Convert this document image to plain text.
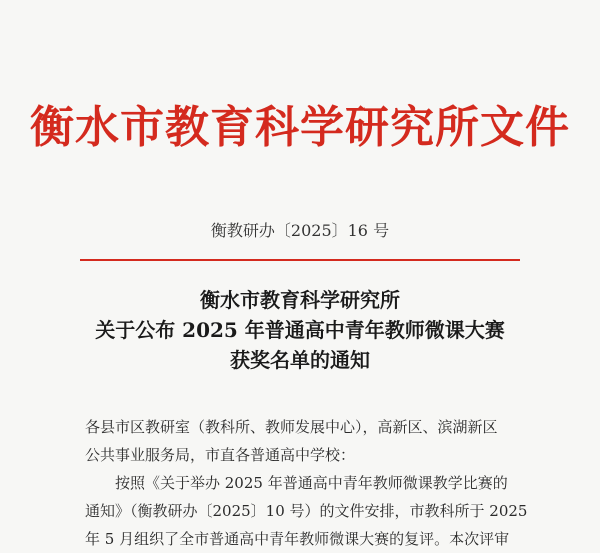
衡水市教育科学研究所文件
衡教研办〔2025〕16 号
衡水市教育科学研究所
关于公布 2025 年普通高中青年教师微课大赛
获奖名单的通知

各县市区教研室（教科所、教师发展中心），高新区、滨湖新区

公共事业服务局，市直各普通高中学校：

按照《关于举办 2025 年普通高中青年教师微课教学比赛的

通知》（衡教研办〔2025〕10 号）的文件安排，市教科所于 2025

年 5 月组织了全市普通高中青年教师微课大赛的复评。本次评审
